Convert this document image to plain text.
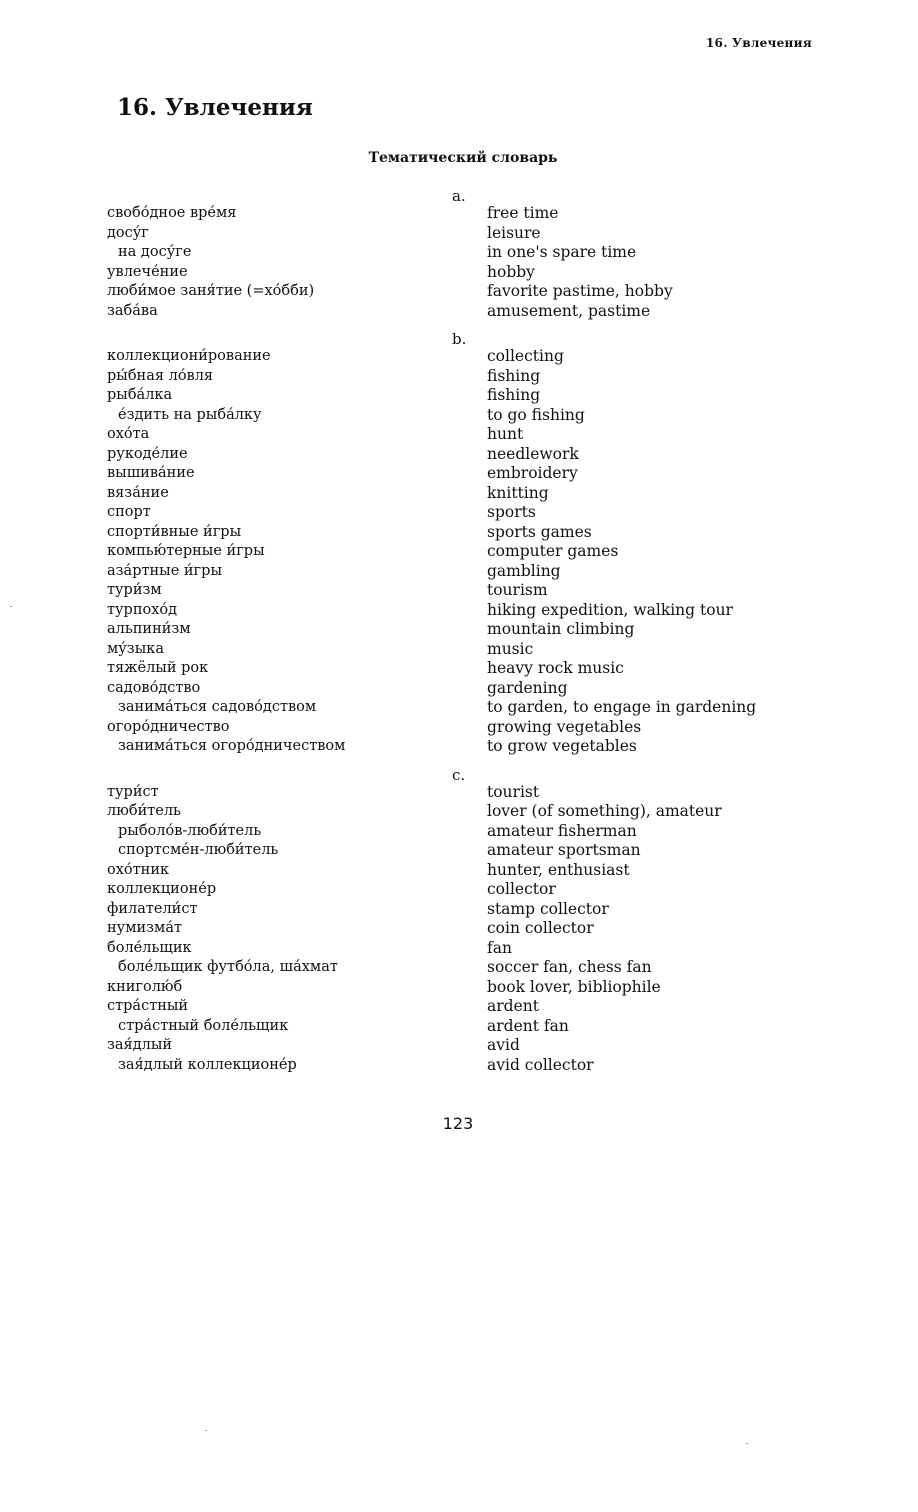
16. Увлечения
16. Увлечения
Тематический словарь
a.
свобо́дное вре́мя	free time
досу́г	leisure
на досу́ге	in one's spare time
увлече́ние	hobby
люби́мое заня́тие (=хо́бби)	favorite pastime, hobby
заба́ва	amusement, pastime
b.
коллекциони́рование	collecting
ры́бная ло́вля	fishing
рыба́лка	fishing
е́здить на рыба́лку	to go fishing
охо́та	hunt
рукоде́лие	needlework
вышива́ние	embroidery
вяза́ние	knitting
спорт	sports
спорти́вные и́гры	sports games
компью́терные и́гры	computer games
аза́ртные и́гры	gambling
тури́зм	tourism
турпохо́д	hiking expedition, walking tour
альпини́зм	mountain climbing
му́зыка	music
тяжёлый рок	heavy rock music
садово́дство	gardening
занима́ться садово́дством	to garden, to engage in gardening
огоро́дничество	growing vegetables
занима́ться огоро́дничеством	to grow vegetables
c.
тури́ст	tourist
люби́тель	lover (of something), amateur
рыболо́в-люби́тель	amateur fisherman
спортсме́н-люби́тель	amateur sportsman
охо́тник	hunter, enthusiast
коллекционе́р	collector
филатели́ст	stamp collector
нумизма́т	coin collector
боле́льщик	fan
боле́льщик футбо́ла, ша́хмат	soccer fan, chess fan
книголю́б	book lover, bibliophile
стра́стный	ardent
стра́стный боле́льщик	ardent fan
зая́длый	avid
зая́длый коллекционе́р	avid collector
123
